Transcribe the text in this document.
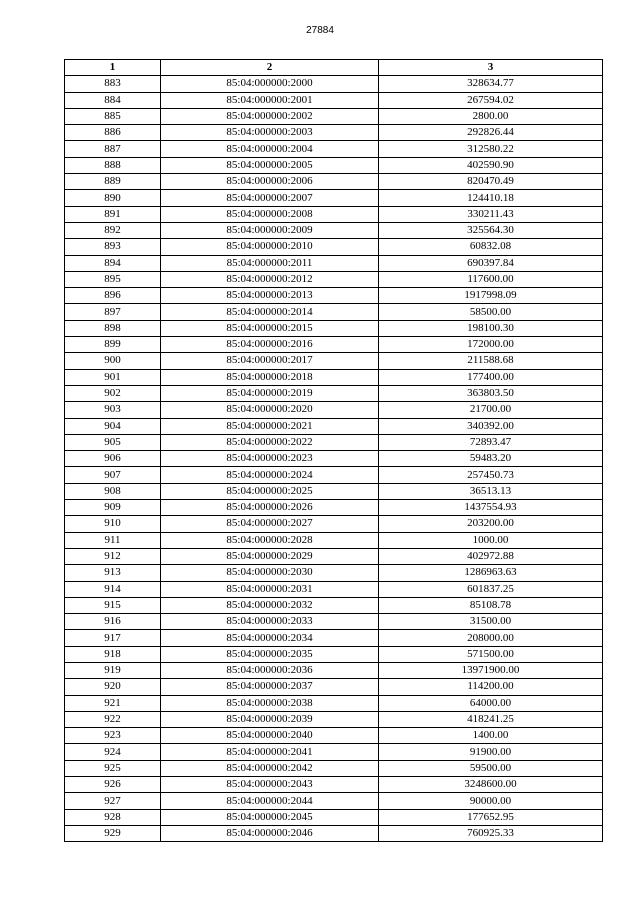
27884
1	2	3
883	85:04:000000:2000	328634.77
884	85:04:000000:2001	267594.02
885	85:04:000000:2002	2800.00
886	85:04:000000:2003	292826.44
887	85:04:000000:2004	312580.22
888	85:04:000000:2005	402590.90
889	85:04:000000:2006	820470.49
890	85:04:000000:2007	124410.18
891	85:04:000000:2008	330211.43
892	85:04:000000:2009	325564.30
893	85:04:000000:2010	60832.08
894	85:04:000000:2011	690397.84
895	85:04:000000:2012	117600.00
896	85:04:000000:2013	1917998.09
897	85:04:000000:2014	58500.00
898	85:04:000000:2015	198100.30
899	85:04:000000:2016	172000.00
900	85:04:000000:2017	211588.68
901	85:04:000000:2018	177400.00
902	85:04:000000:2019	363803.50
903	85:04:000000:2020	21700.00
904	85:04:000000:2021	340392.00
905	85:04:000000:2022	72893.47
906	85:04:000000:2023	59483.20
907	85:04:000000:2024	257450.73
908	85:04:000000:2025	36513.13
909	85:04:000000:2026	1437554.93
910	85:04:000000:2027	203200.00
911	85:04:000000:2028	1000.00
912	85:04:000000:2029	402972.88
913	85:04:000000:2030	1286963.63
914	85:04:000000:2031	601837.25
915	85:04:000000:2032	85108.78
916	85:04:000000:2033	31500.00
917	85:04:000000:2034	208000.00
918	85:04:000000:2035	571500.00
919	85:04:000000:2036	13971900.00
920	85:04:000000:2037	114200.00
921	85:04:000000:2038	64000.00
922	85:04:000000:2039	418241.25
923	85:04:000000:2040	1400.00
924	85:04:000000:2041	91900.00
925	85:04:000000:2042	59500.00
926	85:04:000000:2043	3248600.00
927	85:04:000000:2044	90000.00
928	85:04:000000:2045	177652.95
929	85:04:000000:2046	760925.33
